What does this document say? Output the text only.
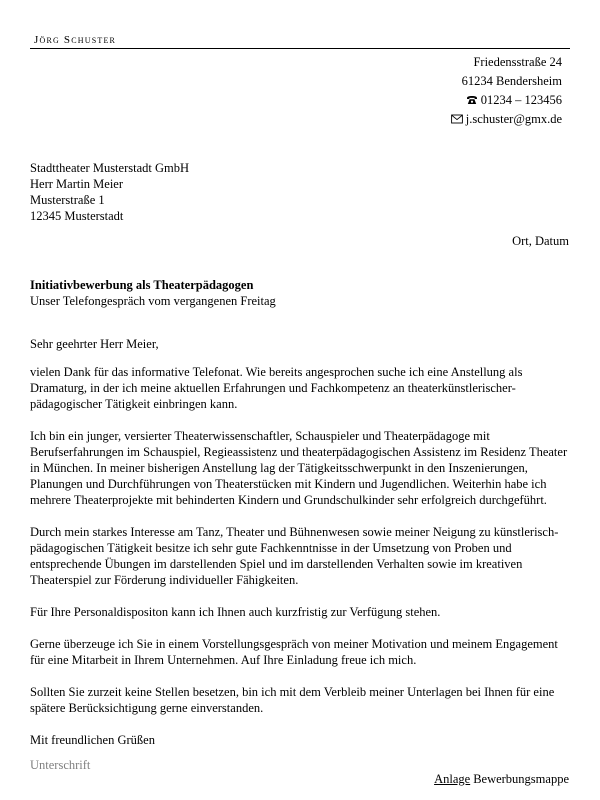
Jörg Schuster
Friedensstraße 24
61234 Bendersheim
01234 – 123456
j.schuster@gmx.de
Stadttheater Musterstadt GmbH
Herr Martin Meier
Musterstraße 1
12345 Musterstadt
Ort, Datum
Initiativbewerbung als Theaterpädagogen
Unser Telefongespräch vom vergangenen Freitag

Sehr geehrter Herr Meier,

vielen Dank für das informative Telefonat. Wie bereits angesprochen suche ich eine Anstellung als Dramaturg, in der ich meine aktuellen Erfahrungen und Fachkompetenz an theaterkünstlerischer-pädagogischer Tätigkeit einbringen kann.

Ich bin ein junger, versierter Theaterwissenschaftler, Schauspieler und Theaterpädagoge mit Berufserfahrungen im Schauspiel, Regieassistenz und theaterpädagogischen Assistenz im Residenz Theater in München. In meiner bisherigen Anstellung lag der Tätigkeitsschwerpunkt in den Inszenierungen, Planungen und Durchführungen von Theaterstücken mit Kindern und Jugendlichen. Weiterhin habe ich mehrere Theaterprojekte mit behinderten Kindern und Grundschulkinder sehr erfolgreich durchgeführt.

Durch mein starkes Interesse am Tanz, Theater und Bühnenwesen sowie meiner Neigung zu künstlerisch-pädagogischen Tätigkeit besitze ich sehr gute Fachkenntnisse in der Umsetzung von Proben und entsprechende Übungen im darstellenden Spiel und im darstellenden Verhalten sowie im kreativen Theaterspiel zur Förderung individueller Fähigkeiten.

Für Ihre Personaldispositon kann ich Ihnen auch kurzfristig zur Verfügung stehen.

Gerne überzeuge ich Sie in einem Vorstellungsgespräch von meiner Motivation und meinem Engagement für eine Mitarbeit in Ihrem Unternehmen. Auf Ihre Einladung freue ich mich.

Sollten Sie zurzeit keine Stellen besetzen, bin ich mit dem Verbleib meiner Unterlagen bei Ihnen für eine spätere Berücksichtigung gerne einverstanden.

Mit freundlichen Grüßen

Unterschrift
Anlage Bewerbungsmappe
